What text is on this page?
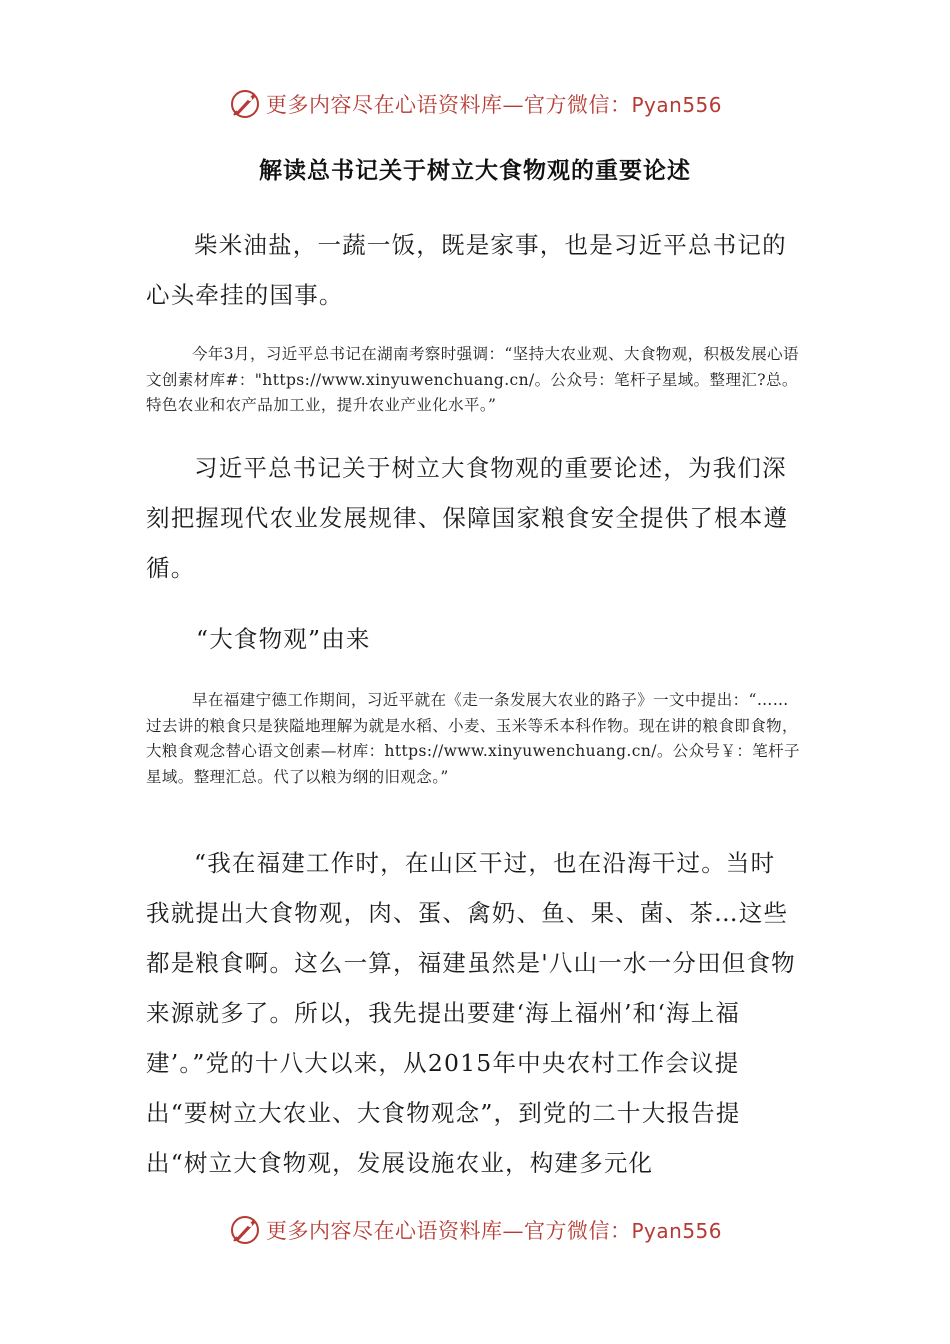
更多内容尽在心语资料库—官方微信：Pyan556
解读总书记关于树立大食物观的重要论述

柴米油盐，一蔬一饭，既是家事，也是习近平总书记的心头牵挂的国事。

今年3月，习近平总书记在湖南考察时强调：“坚持大农业观、大食物观，积极发展心语文创素材库#："https://www.xinyuwenchuang.cn/。公众号：笔杆子星域。整理汇?总。特色农业和农产品加工业，提升农业产业化水平。”

习近平总书记关于树立大食物观的重要论述，为我们深刻把握现代农业发展规律、保障国家粮食安全提供了根本遵循。

“大食物观”由来

早在福建宁德工作期间，习近平就在《走一条发展大农业的路子》一文中提出：“……过去讲的粮食只是狭隘地理解为就是水稻、小麦、玉米等禾本科作物。现在讲的粮食即食物，大粮食观念替心语文创素—材库：https://www.xinyuwenchuang.cn/。公众号￥：笔杆子星域。整理汇总。代了以粮为纲的旧观念。”

“我在福建工作时，在山区干过，也在沿海干过。当时我就提出大食物观，肉、蛋、禽奶、鱼、果、菌、茶…这些都是粮食啊。这么一算，福建虽然是'八山一水一分田但食物来源就多了。所以，我先提出要建‘海上福州’和‘海上福建’。”党的十八大以来，从2015年中央农村工作会议提出“要树立大农业、大食物观念”，到党的二十大报告提出“树立大食物观，发展设施农业，构建多元化

更多内容尽在心语资料库—官方微信：Pyan556
